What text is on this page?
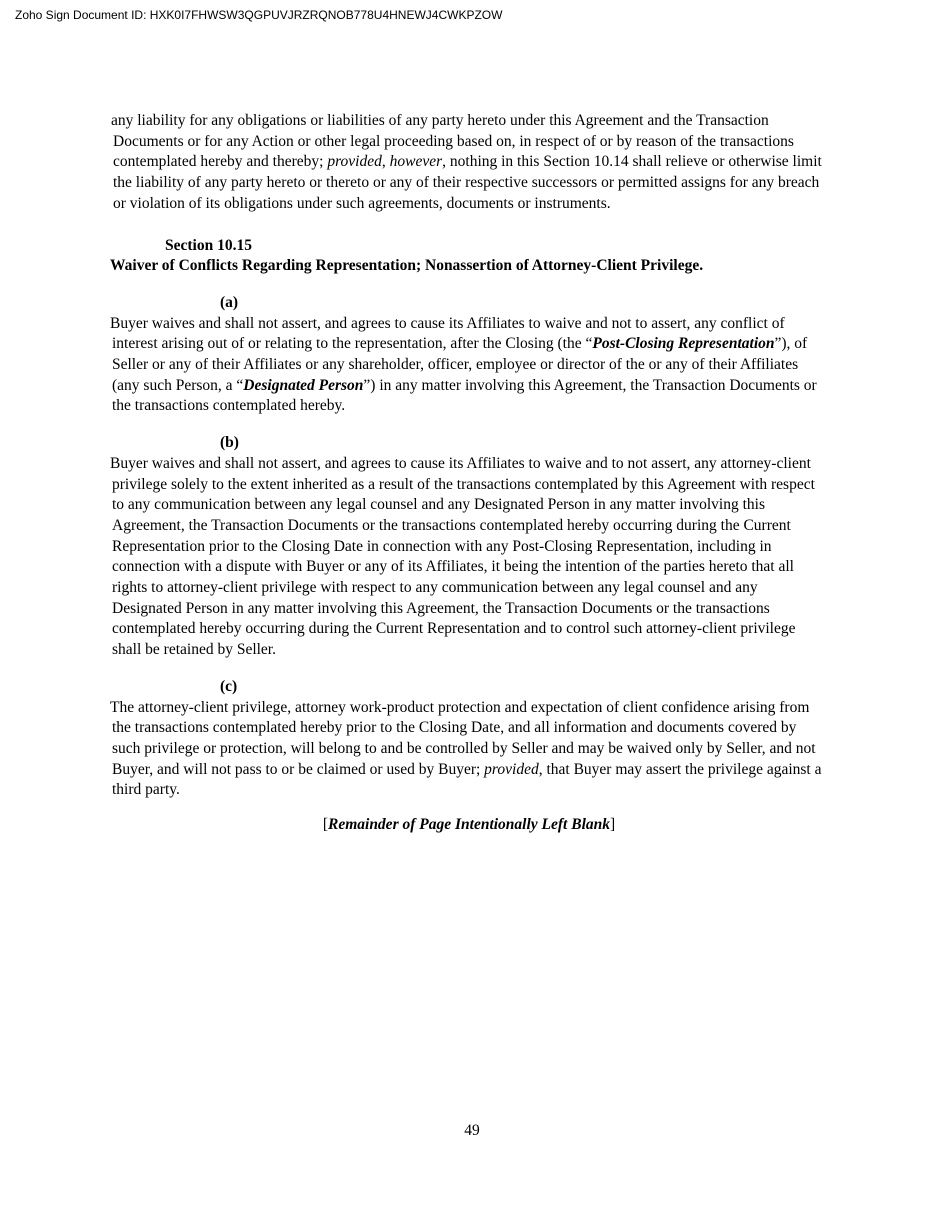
Zoho Sign Document ID: HXK0I7FHWSW3QGPUVJRZRQNOB778U4HNEWJ4CWKPZOW

any liability for any obligations or liabilities of any party hereto under this Agreement and the Transaction Documents or for any Action or other legal proceeding based on, in respect of or by reason of the transactions contemplated hereby and thereby; provided, however, nothing in this Section 10.14 shall relieve or otherwise limit the liability of any party hereto or thereto or any of their respective successors or permitted assigns for any breach or violation of its obligations under such agreements, documents or instruments.

Section 10.15

Waiver of Conflicts Regarding Representation; Nonassertion of Attorney-Client Privilege.

(a)

Buyer waives and shall not assert, and agrees to cause its Affiliates to waive and not to assert, any conflict of interest arising out of or relating to the representation, after the Closing (the “Post-Closing Representation”), of Seller or any of their Affiliates or any shareholder, officer, employee or director of the or any of their Affiliates (any such Person, a “Designated Person”) in any matter involving this Agreement, the Transaction Documents or the transactions contemplated hereby.

(b)

Buyer waives and shall not assert, and agrees to cause its Affiliates to waive and to not assert, any attorney-client privilege solely to the extent inherited as a result of the transactions contemplated by this Agreement with respect to any communication between any legal counsel and any Designated Person in any matter involving this Agreement, the Transaction Documents or the transactions contemplated hereby occurring during the Current Representation prior to the Closing Date in connection with any Post-Closing Representation, including in connection with a dispute with Buyer or any of its Affiliates, it being the intention of the parties hereto that all rights to attorney-client privilege with respect to any communication between any legal counsel and any Designated Person in any matter involving this Agreement, the Transaction Documents or the transactions contemplated hereby occurring during the Current Representation and to control such attorney-client privilege shall be retained by Seller.

(c)

The attorney-client privilege, attorney work-product protection and expectation of client confidence arising from the transactions contemplated hereby prior to the Closing Date, and all information and documents covered by such privilege or protection, will belong to and be controlled by Seller and may be waived only by Seller, and not Buyer, and will not pass to or be claimed or used by Buyer; provided, that Buyer may assert the privilege against a third party.

[Remainder of Page Intentionally Left Blank]

49
